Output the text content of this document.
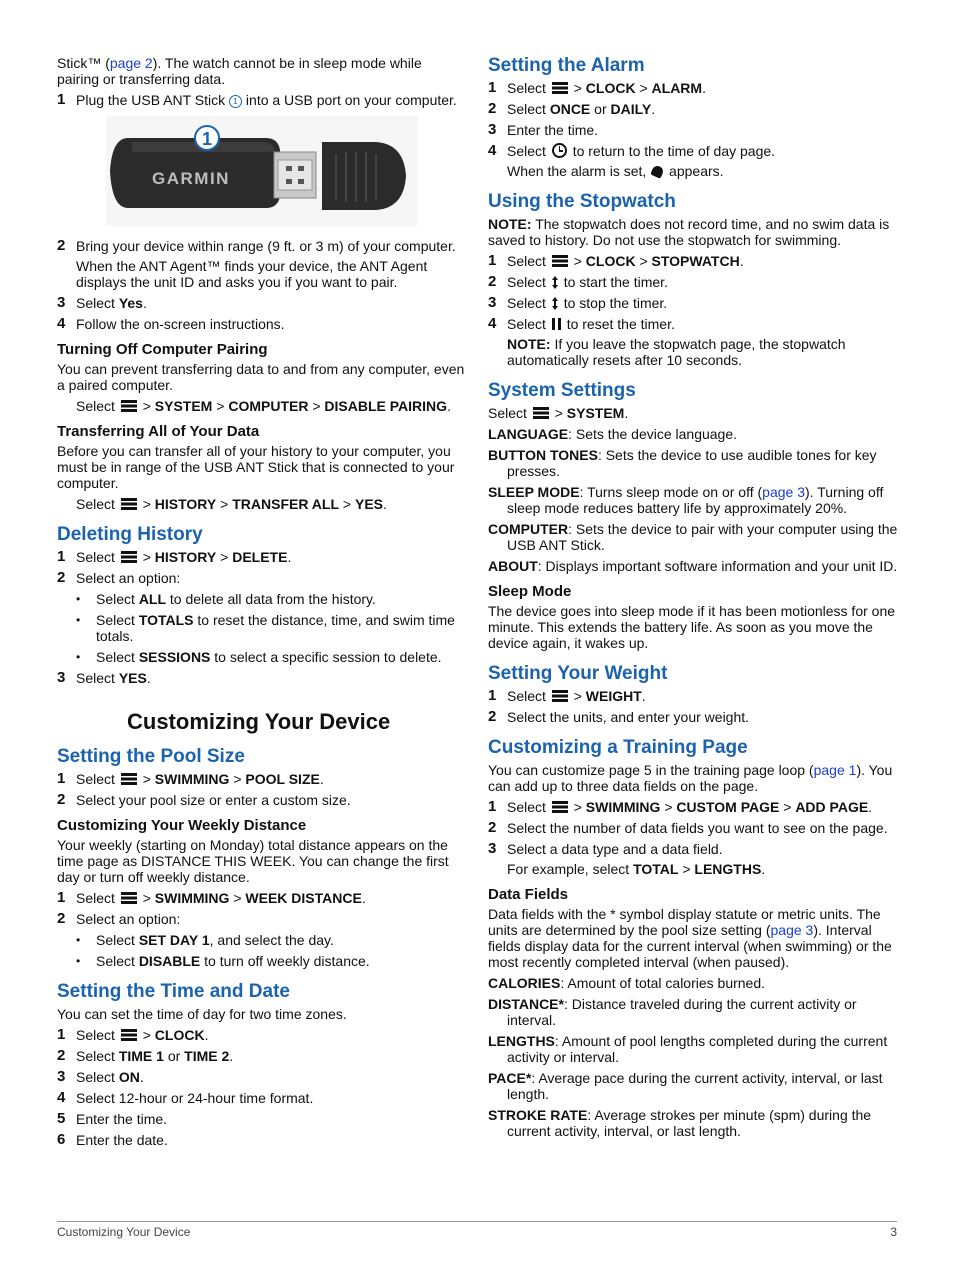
Stick™ (page 2). The watch cannot be in sleep mode while pairing or transferring data.

1 Plug the USB ANT Stick 1 into a USB port on your computer.
1
GARMIN
2 Bring your device within range (9 ft. or 3 m) of your computer.

When the ANT Agent™ finds your device, the ANT Agent displays the unit ID and asks you if you want to pair.

3 Select Yes.
4 Follow the on-screen instructions.
Turning Off Computer Pairing

You can prevent transferring data to and from any computer, even a paired computer.

Select > SYSTEM > COMPUTER > DISABLE PAIRING.

Transferring All of Your Data

Before you can transfer all of your history to your computer, you must be in range of the USB ANT Stick that is connected to your computer.

Select > HISTORY > TRANSFER ALL > YES.

Deleting History
1 Select > HISTORY > DELETE.
2 Select an option:
•	Select ALL to delete all data from the history.
•	Select TOTALS to reset the distance, time, and swim time totals.
•	Select SESSIONS to select a specific session to delete.
3 Select YES.
Customizing Your Device
Setting the Pool Size
1 Select > SWIMMING > POOL SIZE.
2 Select your pool size or enter a custom size.
Customizing Your Weekly Distance

Your weekly (starting on Monday) total distance appears on the time page as DISTANCE THIS WEEK. You can change the first day or turn off weekly distance.

1 Select > SWIMMING > WEEK DISTANCE.
2 Select an option:
•	Select SET DAY 1, and select the day.
•	Select DISABLE to turn off weekly distance.
Setting the Time and Date

You can set the time of day for two time zones.

1 Select > CLOCK.
2 Select TIME 1 or TIME 2.
3 Select ON.
4 Select 12-hour or 24-hour time format.
5 Enter the time.
6 Enter the date.
Setting the Alarm
1 Select > CLOCK > ALARM.
2 Select ONCE or DAILY.
3 Enter the time.
4 Select  to return to the time of day page.

When the alarm is set,  appears.

Using the Stopwatch

NOTE: The stopwatch does not record time, and no swim data is saved to history. Do not use the stopwatch for swimming.

1 Select > CLOCK > STOPWATCH.
2 Select
to start the timer.
3 Select
to stop the timer.
4 Select  to reset the timer.

NOTE: If you leave the stopwatch page, the stopwatch automatically resets after 10 seconds.

System Settings

Select > SYSTEM.

LANGUAGE: Sets the device language.

BUTTON TONES: Sets the device to use audible tones for key presses.

SLEEP MODE: Turns sleep mode on or off (page 3). Turning off sleep mode reduces battery life by approximately 20%.

COMPUTER: Sets the device to pair with your computer using the USB ANT Stick.

ABOUT: Displays important software information and your unit ID.

Sleep Mode

The device goes into sleep mode if it has been motionless for one minute. This extends the battery life. As soon as you move the device again, it wakes up.

Setting Your Weight
1 Select > WEIGHT.
2 Select the units, and enter your weight.
Customizing a Training Page

You can customize page 5 in the training page loop (page 1). You can add up to three data fields on the page.

1 Select > SWIMMING > CUSTOM PAGE > ADD PAGE.
2 Select the number of data fields you want to see on the page.
3 Select a data type and a data field.

For example, select TOTAL > LENGTHS.

Data Fields

Data fields with the * symbol display statute or metric units. The units are determined by the pool size setting (page 3). Interval fields display data for the current interval (when swimming) or the most recently completed interval (when paused).

CALORIES: Amount of total calories burned.

DISTANCE*: Distance traveled during the current activity or interval.

LENGTHS: Amount of pool lengths completed during the current activity or interval.

PACE*: Average pace during the current activity, interval, or last length.

STROKE RATE: Average strokes per minute (spm) during the current activity, interval, or last length.

Customizing Your Device	3
